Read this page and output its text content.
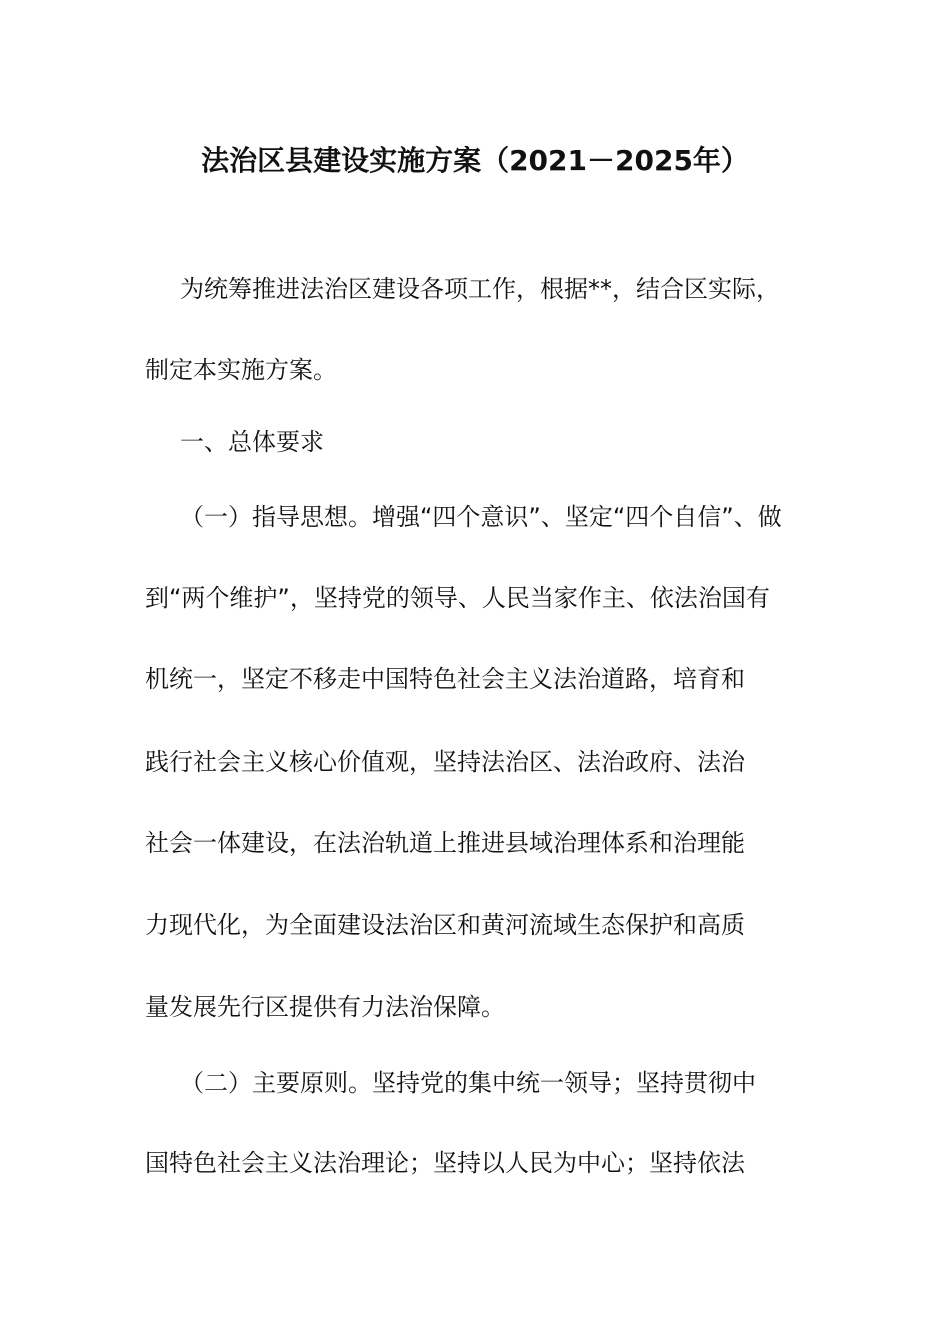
法治区县建设实施方案（2021－2025年）
为统筹推进法治区建设各项工作，根据**，结合区实际，
制定本实施方案。
一、总体要求
（一）指导思想。增强“四个意识”、坚定“四个自信”、做
到“两个维护”，坚持党的领导、人民当家作主、依法治国有
机统一，坚定不移走中国特色社会主义法治道路，培育和
践行社会主义核心价值观，坚持法治区、法治政府、法治
社会一体建设，在法治轨道上推进县域治理体系和治理能
力现代化，为全面建设法治区和黄河流域生态保护和高质
量发展先行区提供有力法治保障。
（二）主要原则。坚持党的集中统一领导；坚持贯彻中
国特色社会主义法治理论；坚持以人民为中心；坚持依法
